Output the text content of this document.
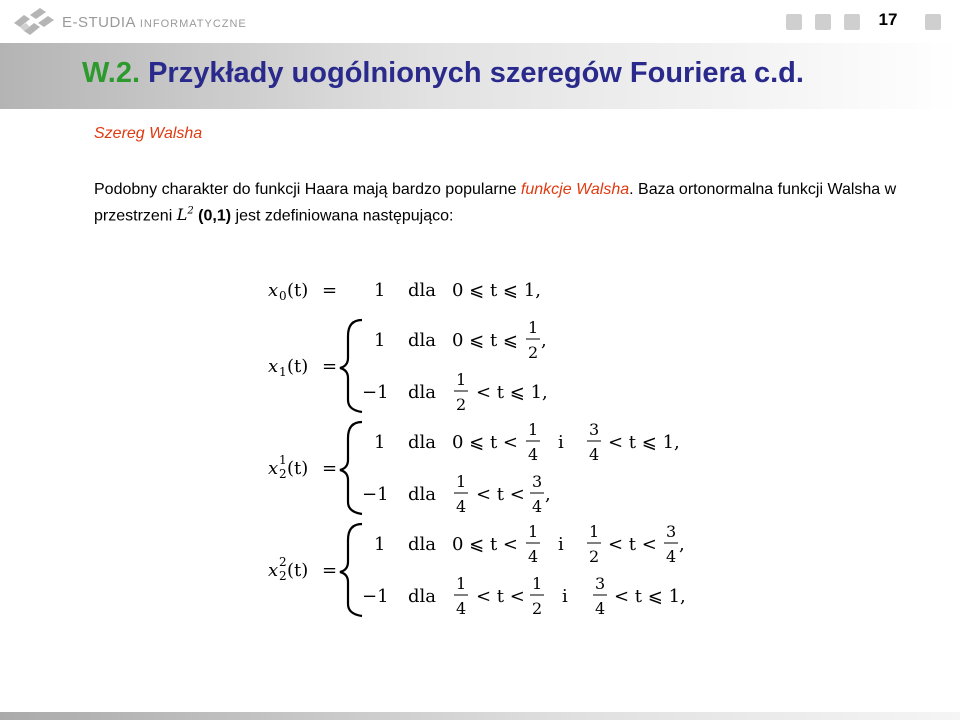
E-STUDIA INFORMATYCZNE	17
W.2. Przykłady uogólnionych szeregów Fouriera c.d.
Szereg Walsha
Podobny charakter do funkcji Haara mają bardzo popularne funkcje Walsha. Baza ortonormalna funkcji Walsha w przestrzeni $L^2$ (0,1) jest zdefiniowana następująco:
x 0 (t) = 1 dla 0 ⩽ t ⩽ 1,
x 1 (t) =
1 dla 0 ⩽ t ⩽
1
2
,
−1 dla
1
2
< t ⩽ 1,
x 2
1 (t) =
1 dla 0 ⩽ t <
1
4
i
3
4
< t ⩽ 1,
−1 dla
1
4
< t <
3
4
,
x 2
2 (t) =
1 dla 0 ⩽ t <
1
4
i
1
2
< t <
3
4
,
−1 dla
1
4
< t <
1
2
i
3
4
< t ⩽ 1,
